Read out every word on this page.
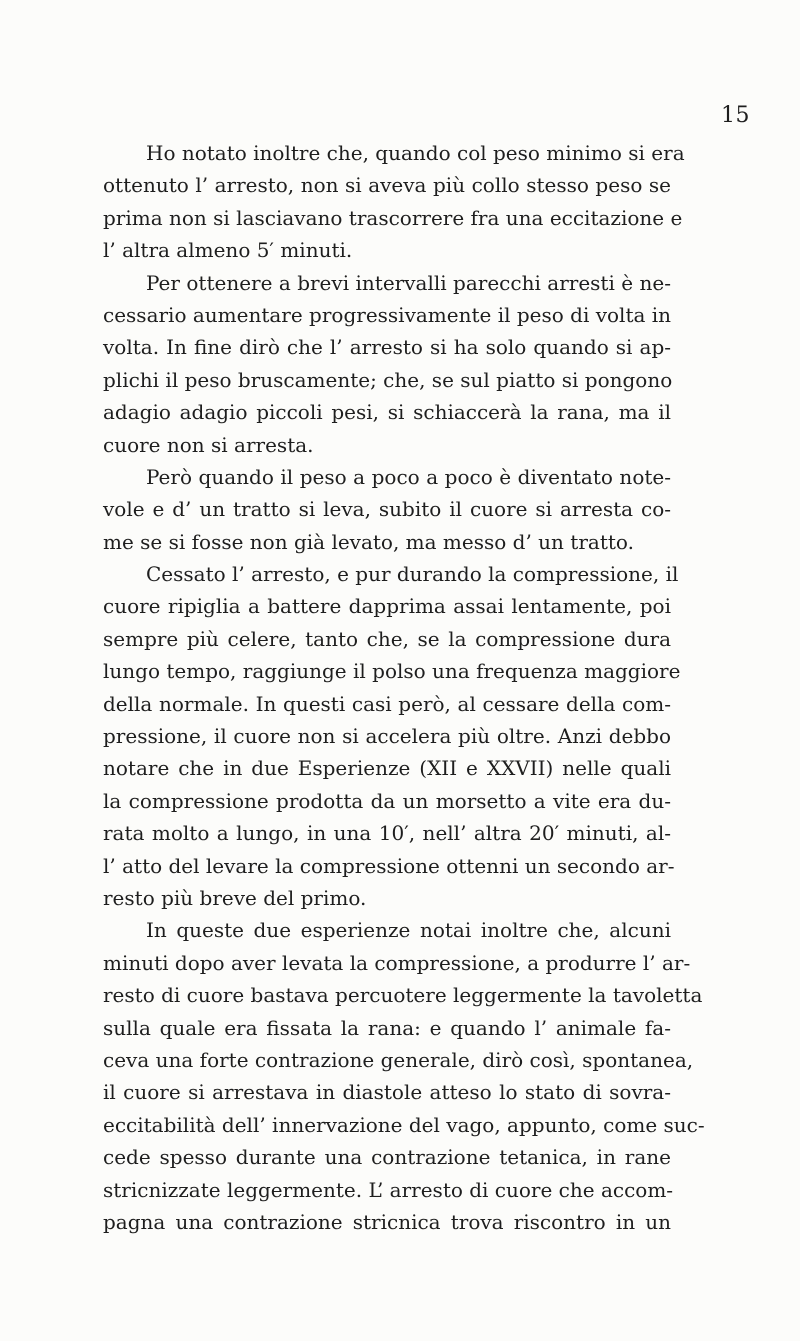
15
Ho notato inoltre che, quando col peso minimo si era
ottenuto l’ arresto, non si aveva più collo stesso peso se
prima non si lasciavano trascorrere fra una eccitazione e
l’ altra almeno 5′ minuti.
Per ottenere a brevi intervalli parecchi arresti è ne-
cessario aumentare progressivamente il peso di volta in
volta. In fine dirò che l’ arresto si ha solo quando si ap-
plichi il peso bruscamente; che, se sul piatto si pongono
adagio adagio piccoli pesi, si schiaccerà la rana, ma il
cuore non si arresta.
Però quando il peso a poco a poco è diventato note-
vole e d’ un tratto si leva, subito il cuore si arresta co-
me se si fosse non già levato, ma messo d’ un tratto.
Cessato l’ arresto, e pur durando la compressione, il
cuore ripiglia a battere dapprima assai lentamente, poi
sempre più celere, tanto che, se la compressione dura
lungo tempo, raggiunge il polso una frequenza maggiore
della normale. In questi casi però, al cessare della com-
pressione, il cuore non si accelera più oltre. Anzi debbo
notare che in due Esperienze (XII e XXVII) nelle quali
la compressione prodotta da un morsetto a vite era du-
rata molto a lungo, in una 10′, nell’ altra 20′ minuti, al-
l’ atto del levare la compressione ottenni un secondo ar-
resto più breve del primo.
In queste due esperienze notai inoltre che, alcuni
minuti dopo aver levata la compressione, a produrre l’ ar-
resto di cuore bastava percuotere leggermente la tavoletta
sulla quale era fissata la rana: e quando l’ animale fa-
ceva una forte contrazione generale, dirò così, spontanea,
il cuore si arrestava in diastole atteso lo stato di sovra-
eccitabilità dell’ innervazione del vago, appunto, come suc-
cede spesso durante una contrazione tetanica, in rane
stricnizzate leggermente. L’ arresto di cuore che accom-
pagna una contrazione stricnica trova riscontro in un
